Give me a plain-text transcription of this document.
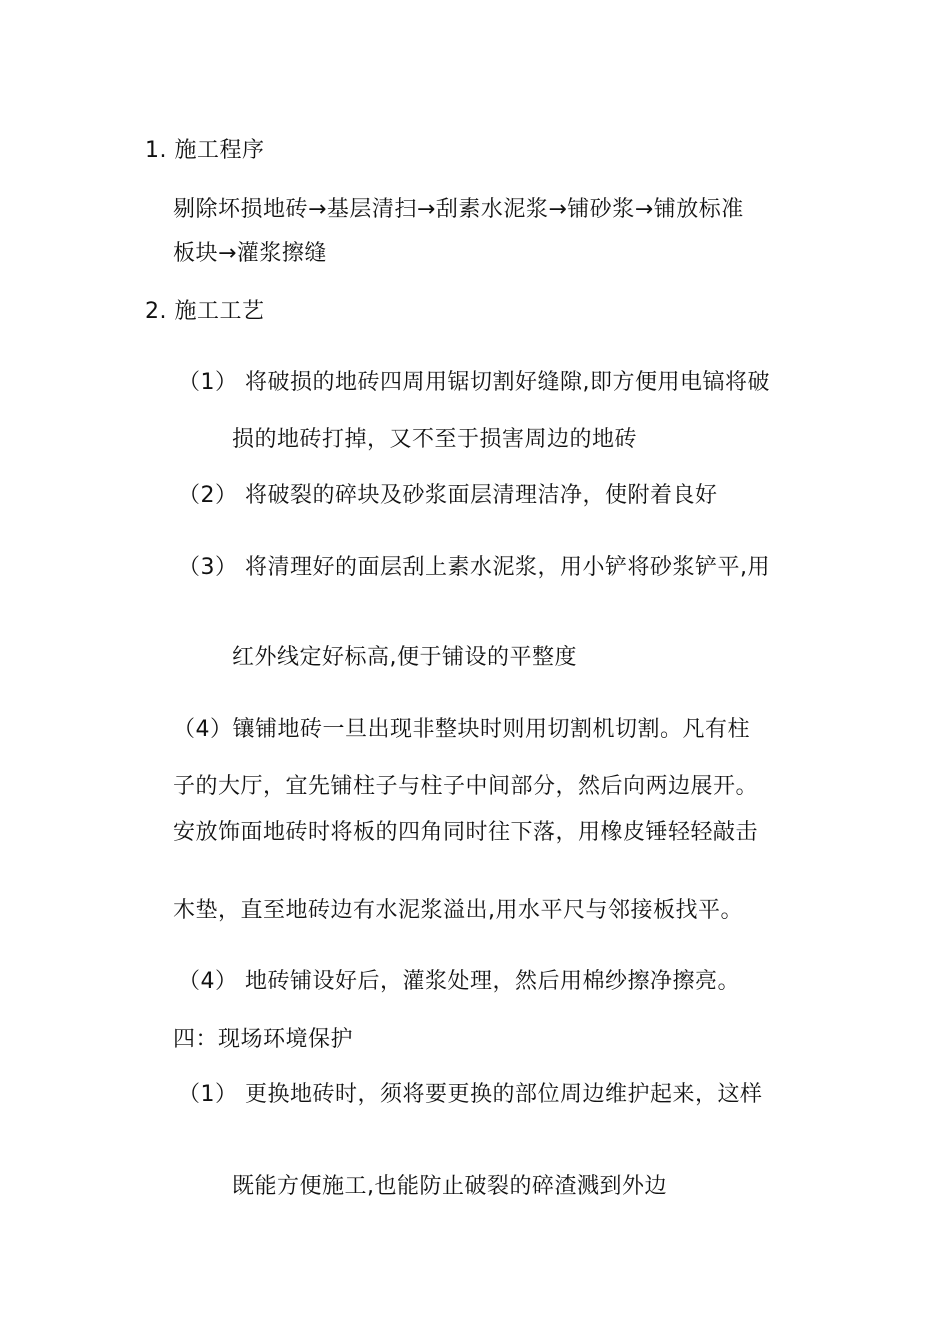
1. 施工程序
剔除坏损地砖→基层清扫→刮素水泥浆→铺砂浆→铺放标准
板块→灌浆擦缝
2. 施工工艺
（1） 将破损的地砖四周用锯切割好缝隙,即方便用电镐将破
损的地砖打掉，又不至于损害周边的地砖
（2） 将破裂的碎块及砂浆面层清理洁净，使附着良好
（3） 将清理好的面层刮上素水泥浆，用小铲将砂浆铲平,用
红外线定好标高,便于铺设的平整度
（4）镶铺地砖一旦出现非整块时则用切割机切割。凡有柱
子的大厅，宜先铺柱子与柱子中间部分，然后向两边展开。
安放饰面地砖时将板的四角同时往下落，用橡皮锤轻轻敲击
木垫，直至地砖边有水泥浆溢出,用水平尺与邻接板找平。
（4） 地砖铺设好后，灌浆处理，然后用棉纱擦净擦亮。
四：现场环境保护
（1） 更换地砖时，须将要更换的部位周边维护起来，这样
既能方便施工,也能防止破裂的碎渣溅到外边
